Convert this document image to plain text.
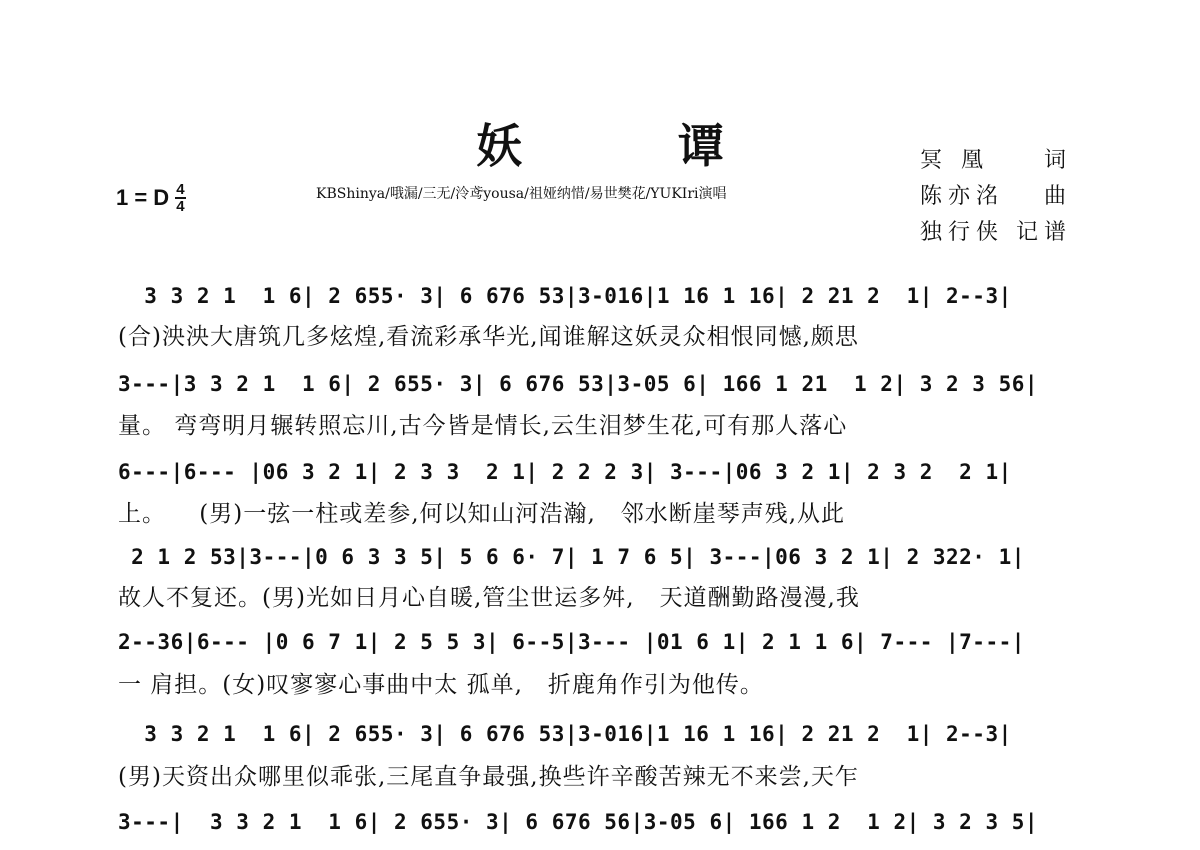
妖 谭
1 = D 4
4
KBShinya/哦漏/三无/泠鸢yousa/祖娅纳惜/易世樊花/YUKIri演唱
冥 凰 词
陈亦洺 曲
独行侠 记谱
3 3 2 1  1 6| 2 655· 3| 6 676 53|3-016|1 16 1 16| 2 21 2  1| 2--3|
(合)泱泱大唐筑几多炫煌,看流彩承华光,闻谁解这妖灵众相恨同憾,颇思
3---|3 3 2 1  1 6| 2 655· 3| 6 676 53|3-05 6| 166 1 21  1 2| 3 2 3 56|
量。 弯弯明月辗转照忘川,古今皆是情长,云生泪梦生花,可有那人落心
6---|6--- |06 3 2 1| 2 3 3  2 1| 2 2 2 3| 3---|06 3 2 1| 2 3 2  2 1|
上。    (男)一弦一柱或差参,何以知山河浩瀚,   邻水断崖琴声残,从此
2 1 2 53|3---|0 6 3 3 5| 5 6 6· 7| 1 7 6 5| 3---|06 3 2 1| 2 322· 1|
故人不复还。(男)光如日月心自暖,管尘世运多舛,   天道酬勤路漫漫,我
2--36|6--- |0 6 7 1| 2 5 5 3| 6--5|3--- |01 6 1| 2 1 1 6| 7--- |7---|
一 肩担。(女)叹寥寥心事曲中太 孤单,   折鹿角作引为他传。
3 3 2 1  1 6| 2 655· 3| 6 676 53|3-016|1 16 1 16| 2 21 2  1| 2--3|
(男)天资出众哪里似乖张,三尾直争最强,换些许辛酸苦辣无不来尝,天乍
3---|  3 3 2 1  1 6| 2 655· 3| 6 676 56|3-05 6| 166 1 2  1 2| 3 2 3 5|
